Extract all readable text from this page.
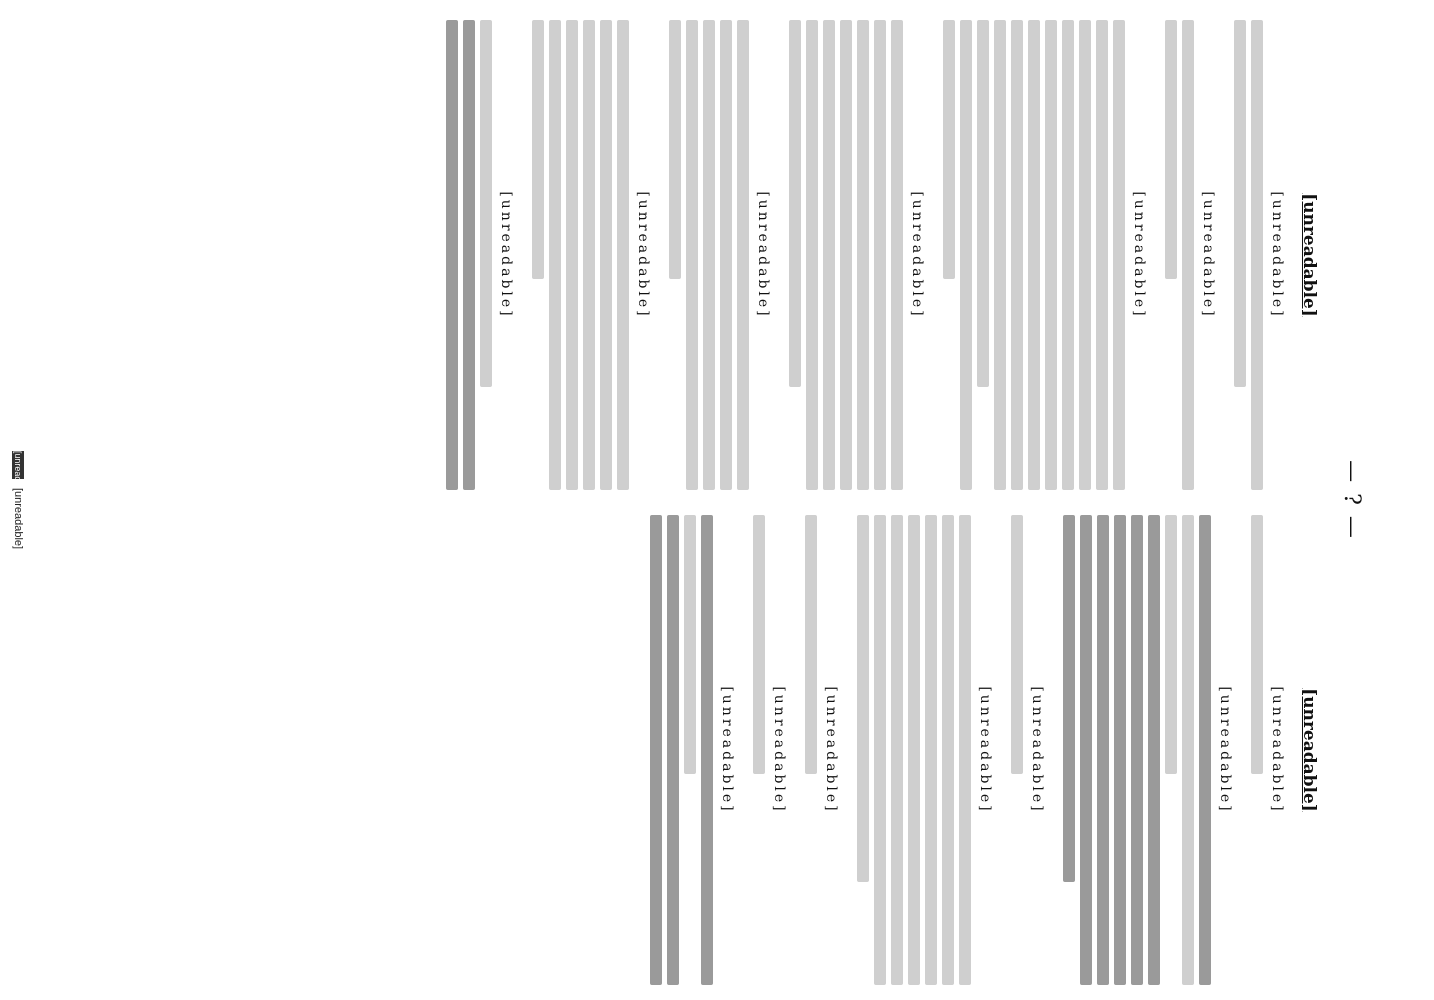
— ? —
[unreadable]
[unreadable]
[unreadable]
[unreadable]
[unreadable]
[unreadable]
[unreadable]
[unreadable]
[unreadable]
[unreadable]
[unreadable]
[unreadable]
[unreadable]
[unreadable]
[unreadable]
[unreadable]
[unreadable] [unreadable]
